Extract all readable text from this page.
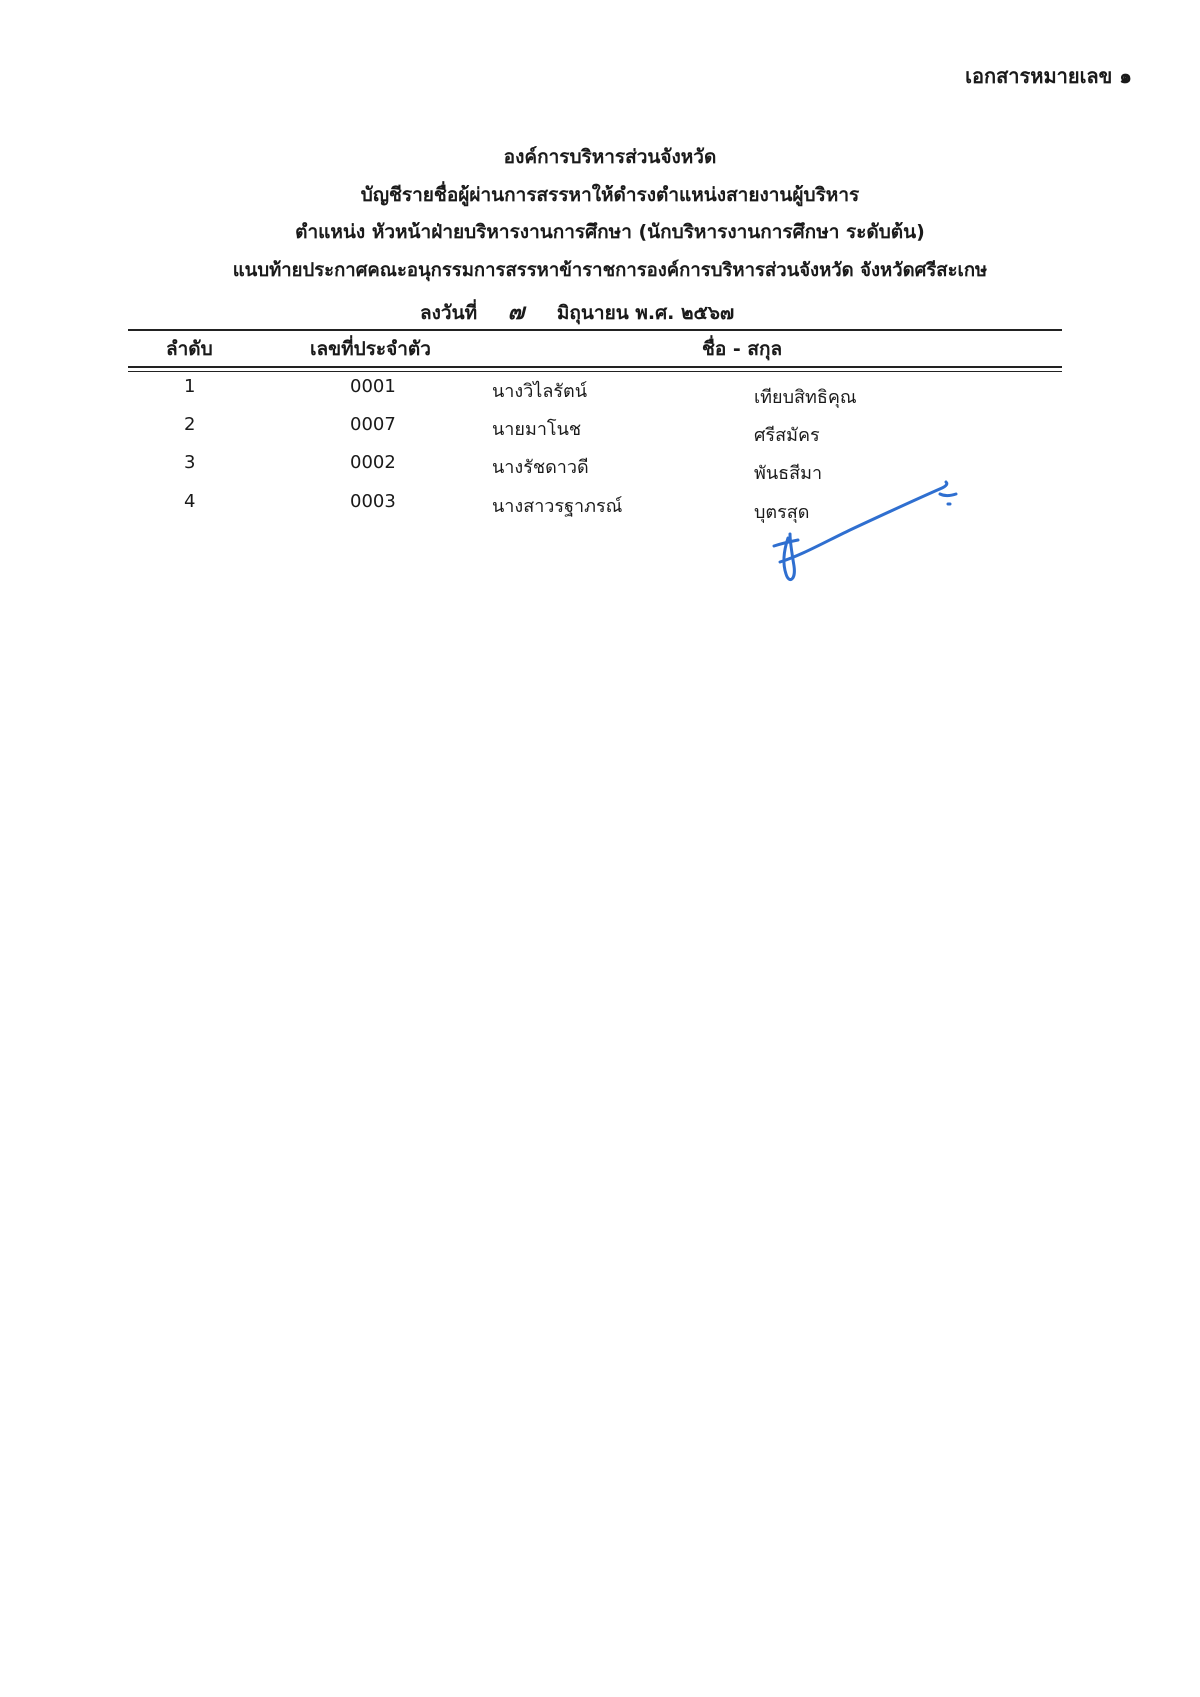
เอกสารหมายเลข ๑
องค์การบริหารส่วนจังหวัด
บัญชีรายชื่อผู้ผ่านการสรรหาให้ดำรงตำแหน่งสายงานผู้บริหาร
ตำแหน่ง หัวหน้าฝ่ายบริหารงานการศึกษา (นักบริหารงานการศึกษา ระดับต้น)
แนบท้ายประกาศคณะอนุกรรมการสรรหาข้าราชการองค์การบริหารส่วนจังหวัด จังหวัดศรีสะเกษ
ลงวันที่ ๗ มิถุนายน พ.ศ. ๒๕๖๗
ลำดับ	เลขที่ประจำตัว	ชื่อ - สกุล
1	0001	นางวิไลรัตน์	เทียบสิทธิคุณ
2	0007	นายมาโนช	ศรีสมัคร
3	0002	นางรัชดาวดี	พันธสีมา
4	0003	นางสาวรฐาภรณ์	บุตรสุด
